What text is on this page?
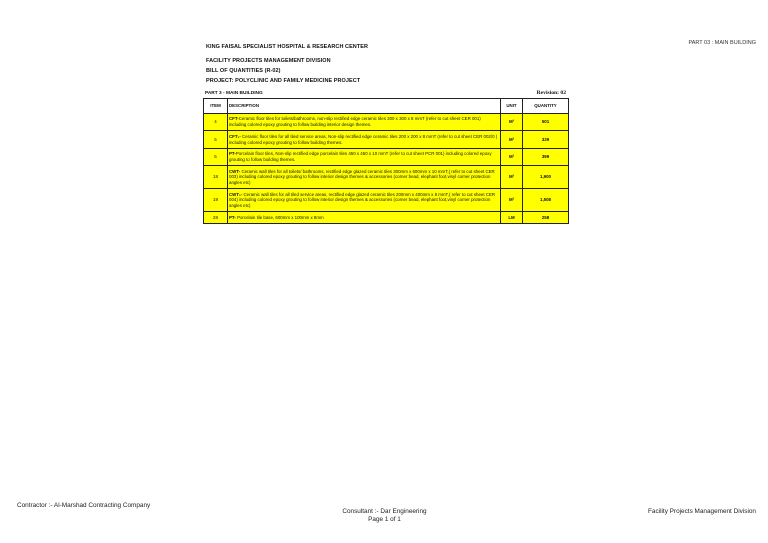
PART 03 : MAIN BUILDING
KING FAISAL SPECIALIST HOSPITAL & RESEARCH CENTER
FACILITY PROJECTS MANAGEMENT DIVISION
BILL OF QUANTITIES (R-02)
PROJECT: POLYCLINIC AND FAMILY MEDICINE PROJECT
PART 3 - MAIN BUILDING	Revision: 02
ITEM	DESCRIPTION	UNIT	QUANTITY
4	CFT-Ceramic floor tiles for toilets/bathrooms, non-slip rectified edge ceramic tiles 300 x 300 x 8 mmT (refer to cut sheet CER 001) including colored epoxy grouting to follow building interior design themes.	M²	501
5	CFT₁- Ceramic floor tiles for all tiled service areas, Non-slip rectified edge ceramic tiles 200 x 200 x 8 mmT (refer to cut sheet CER 002/0 ) including colored epoxy grouting to follow building themes.	M²	339
6	PT-Porcelain floor tiles, Non-slip rectified edge porcelain tiles 450 x 450 x 10 mmT (refer to cut sheet PCR 001) including colored epoxy grouting to follow building themes.	M²	399
18	CWT- Ceramic wall tiles for all toilets/ bathrooms, rectified edge glazed ceramic tiles 300mm x 600mm x 10 mmT,( refer to cut sheet CER 003) including colored epoxy grouting to follow interior design themes & accessories (corner bead, elephant foot,vinyl corner protection angles etc)	M²	1,900
19	CWT₁- Ceramic wall tiles for all tiled service areas, rectified edge glazed ceramic tiles 200mm x 400mm x 8 mmT,( refer to cut sheet CER 004) including colored epoxy grouting to follow interior design themes & accessories (corner bead, elephant foot,vinyl corner protection angles etc)	M²	1,508
28	PT- Porcelain tile base, 600mm x 100mm x 8mm	LM	258
Contractor :- Al-Marshad Contracting Company
Consultant :- Dar Engineering
Page 1 of 1
Facility Projects Management Division
